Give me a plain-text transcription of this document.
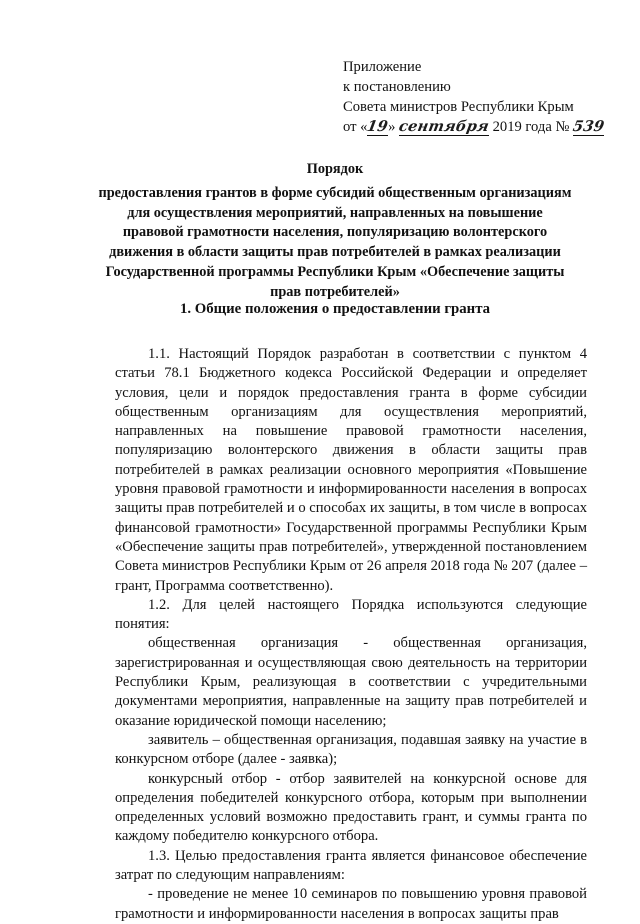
Приложение
к постановлению
Совета министров Республики Крым
от «19» сентября 2019 года № 539
Порядок
предоставления грантов в форме субсидий общественным организациям
для осуществления мероприятий, направленных на повышение
правовой грамотности населения, популяризацию волонтерского
движения в области защиты прав потребителей в рамках реализации
Государственной программы Республики Крым «Обеспечение защиты
прав потребителей»
1. Общие положения о предоставлении гранта

1.1. Настоящий Порядок разработан в соответствии с пунктом 4 статьи 78.1 Бюджетного кодекса Российской Федерации и определяет условия, цели и порядок предоставления гранта в форме субсидии общественным организациям для осуществления мероприятий, направленных на повышение правовой грамотности населения, популяризацию волонтерского движения в области защиты прав потребителей в рамках реализации основного мероприятия «Повышение уровня правовой грамотности и информированности населения в вопросах защиты прав потребителей и о способах их защиты, в том числе в вопросах финансовой грамотности» Государственной программы Республики Крым «Обеспечение защиты прав потребителей», утвержденной постановлением Совета министров Республики Крым от 26 апреля 2018 года № 207 (далее – грант, Программа соответственно).

1.2. Для целей настоящего Порядка используются следующие понятия:

общественная организация - общественная организация, зарегистрированная и осуществляющая свою деятельность на территории Республики Крым, реализующая в соответствии с учредительными документами мероприятия, направленные на защиту прав потребителей и оказание юридической помощи населению;

заявитель – общественная организация, подавшая заявку на участие в конкурсном отборе (далее - заявка);

конкурсный отбор - отбор заявителей на конкурсной основе для определения победителей конкурсного отбора, которым при выполнении определенных условий возможно предоставить грант, и суммы гранта по каждому победителю конкурсного отбора.

1.3. Целью предоставления гранта является финансовое обеспечение затрат по следующим направлениям:

- проведение не менее 10 семинаров по повышению уровня правовой грамотности и информированности населения в вопросах защиты прав
